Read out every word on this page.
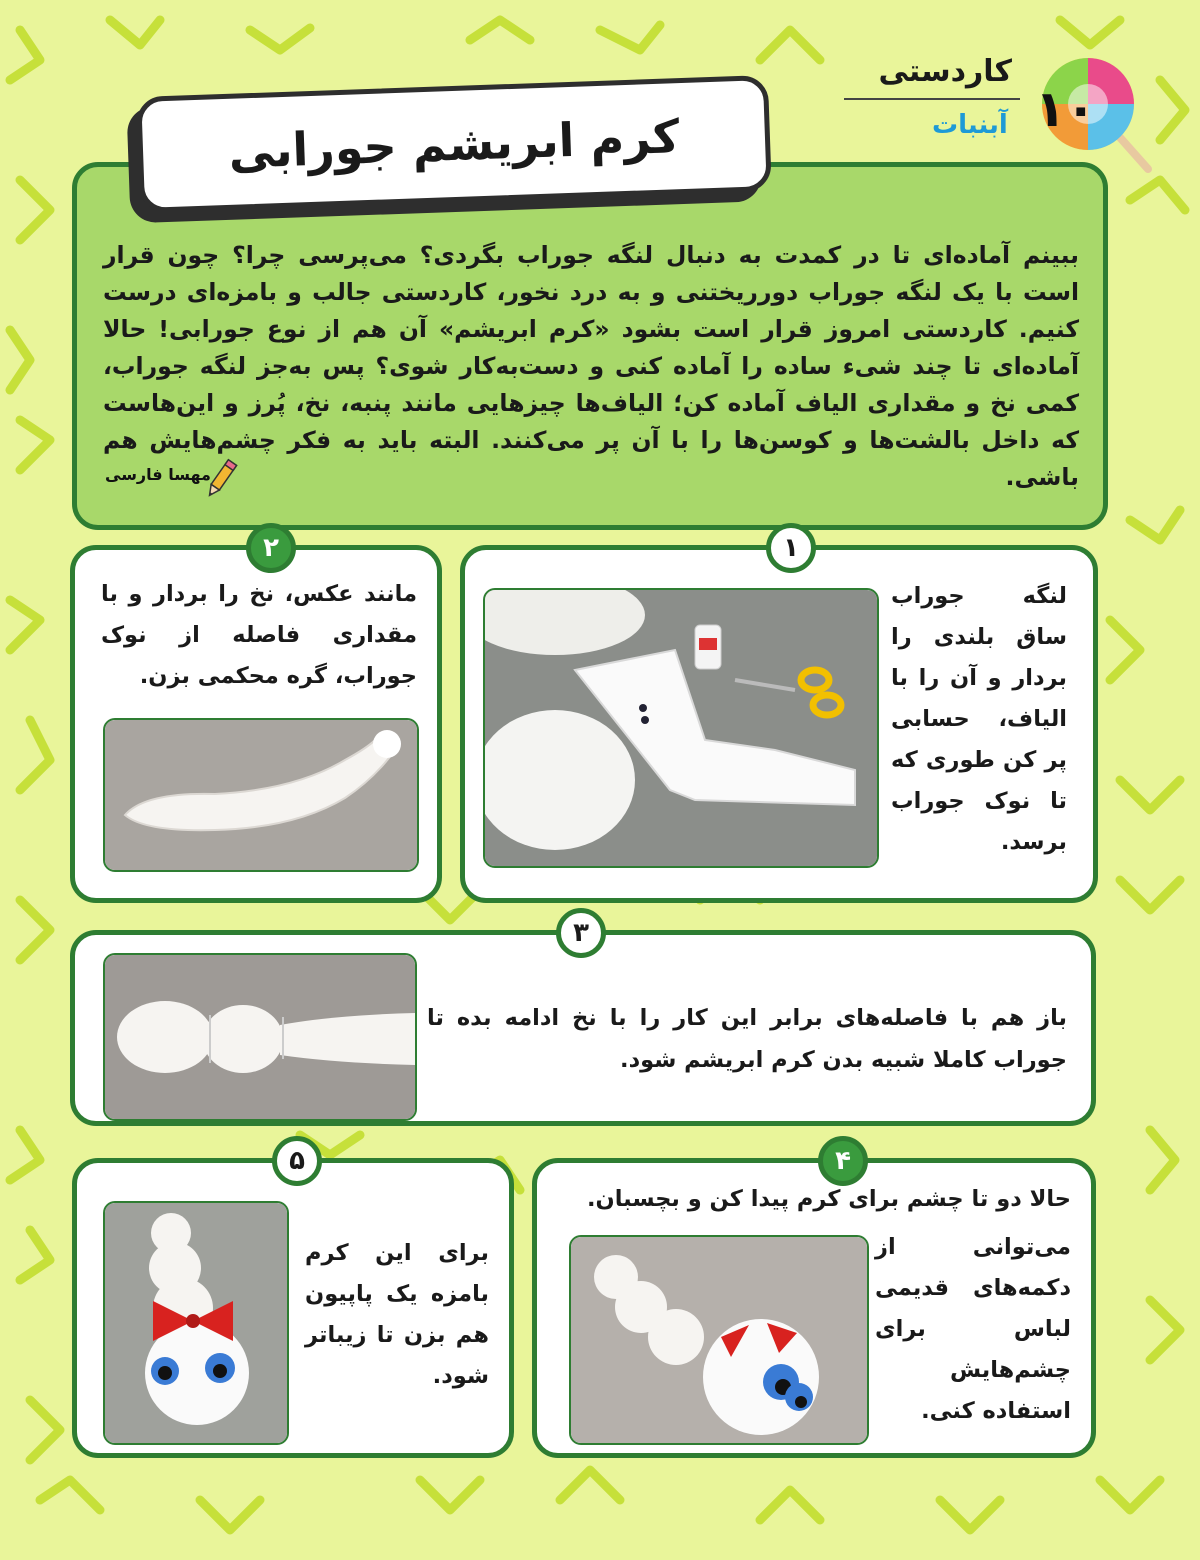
کاردستی
۱۰
آبنبات
کرم ابریشم جورابی
ببینم آماده‌ای تا در کمدت به دنبال لنگه جوراب بگردی؟ می‌پرسی چرا؟ چون قرار است با یک لنگه جوراب دورریختنی و به درد نخور، کاردستی جالب و بامزه‌ای درست کنیم. کاردستی امروز قرار است بشود «کرم ابریشم» آن هم از نوع جورابی! حالا آماده‌ای تا چند شیء ساده را آماده کنی و دست‌به‌کار شوی؟ پس به‌جز لنگه جوراب، کمی نخ و مقداری الیاف آماده کن؛ الیاف‌ها چیزهایی مانند پنبه، نخ، پُرز و این‌هاست که داخل بالشت‌ها و کوسن‌ها را با آن پر می‌کنند. البته باید به فکر چشم‌هایش هم باشی.
مهسا فارسی
لنگه جوراب ساق بلندی را بردار و آن را با الیاف، حسابی پر کن طوری که تا نوک جوراب برسد.
۱
مانند عکس، نخ را بردار و با مقداری فاصله از نوک جوراب، گره محکمی بزن.
۲
باز هم با فاصله‌های برابر این کار را با نخ ادامه بده تا جوراب کاملا شبیه بدن کرم ابریشم شود.
۳
حالا دو تا چشم برای کرم پیدا کن و بچسبان.
می‌توانی از دکمه‌های قدیمی لباس برای چشم‌هایش استفاده کنی.
۴
برای این کرم بامزه یک پاپیون هم بزن تا زیباتر شود.
۵
